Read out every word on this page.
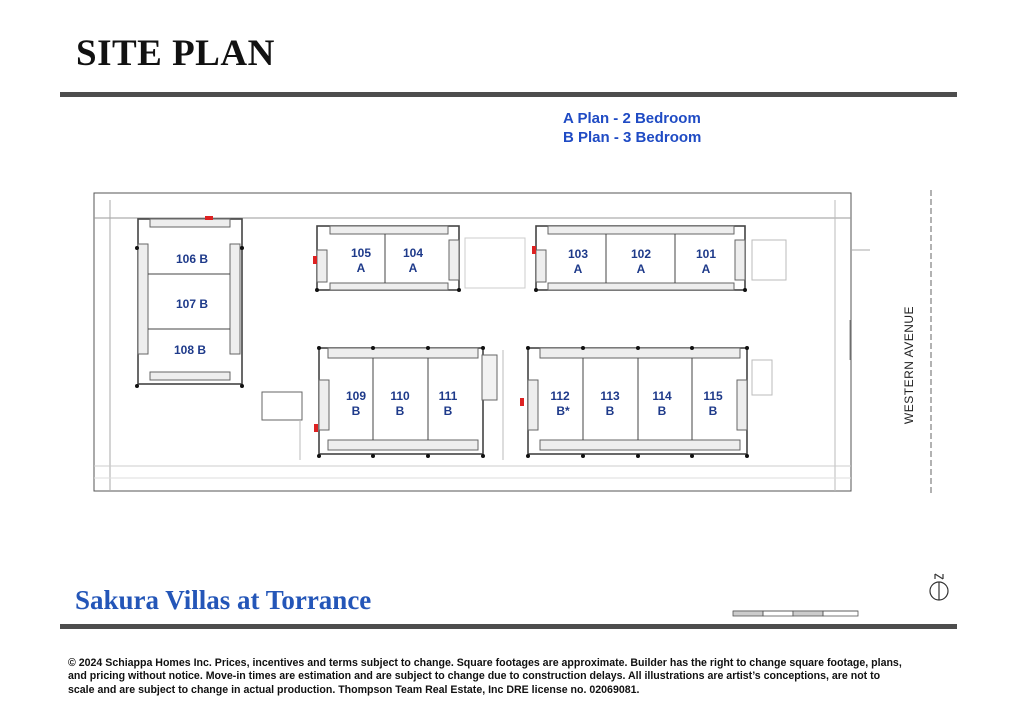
SITE PLAN
A Plan - 2 Bedroom
B Plan - 3 Bedroom
106 B
107 B
108 B
105
A
104
A
103
A
102
A
101
A
109
B
110
B
111
B
112
B*
113
B
114
B
115
B	WESTERN AVENUE
Sakura Villas at Torrance
© 2024 Schiappa Homes Inc. Prices, incentives and terms subject to change. Square footages are approximate. Builder has the right to change square footage, plans, and pricing without notice. Move-in times are estimation and are subject to change due to construction delays. All illustrations are artist’s conceptions, are not to scale and are subject to change in actual production. Thompson Team Real Estate, Inc DRE license no. 02069081.
